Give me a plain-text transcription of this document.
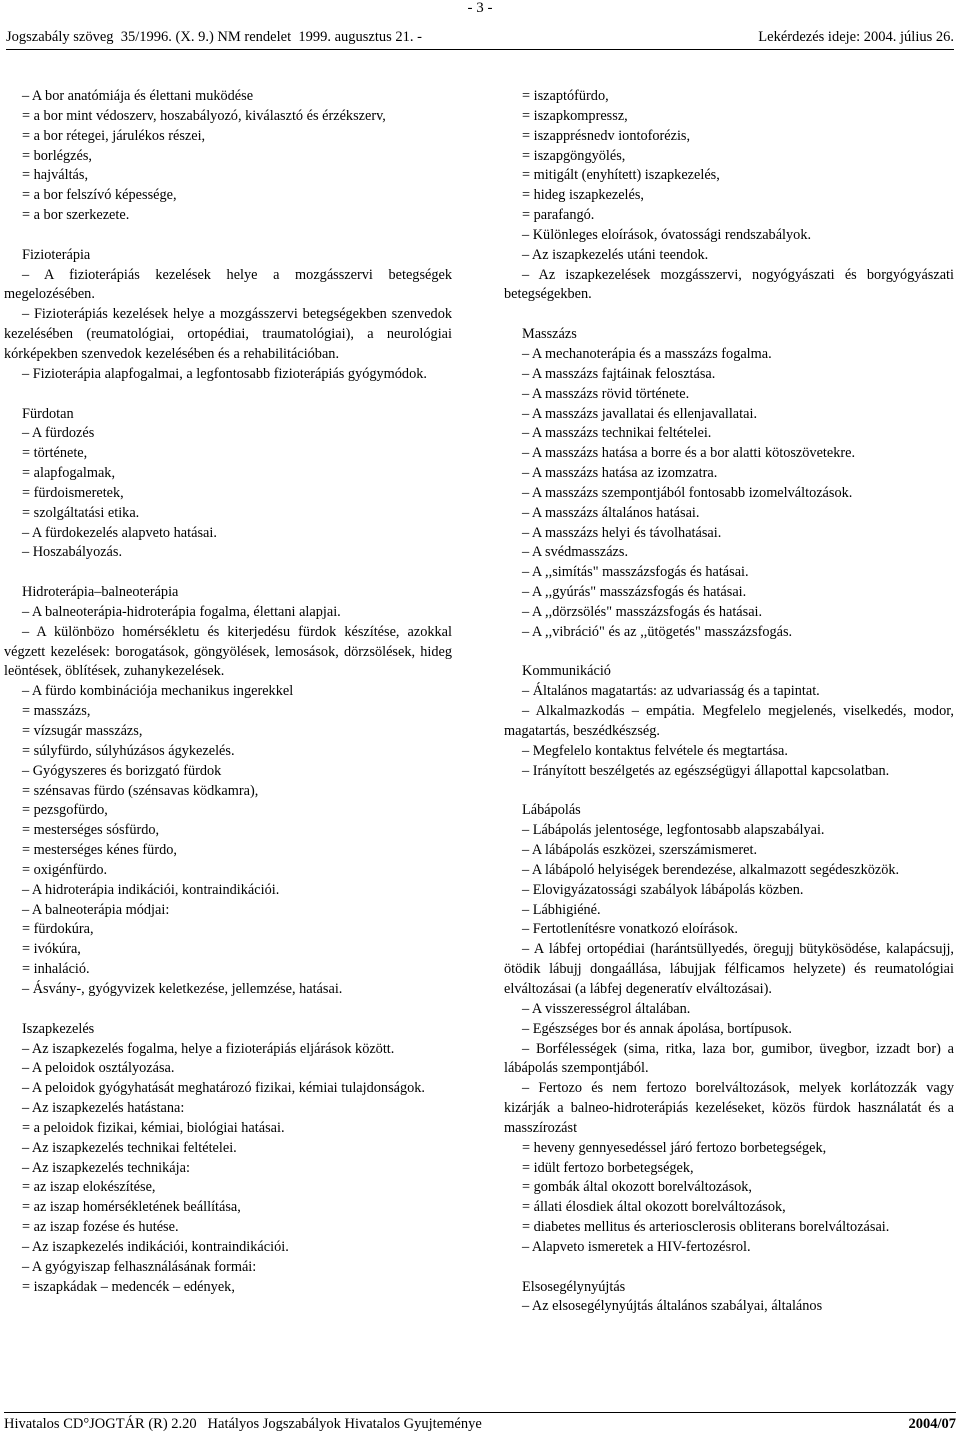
- 3 -
Jogszabály szöveg  35/1996. (X. 9.) NM rendelet  1999. augusztus 21. -	Lekérdezés ideje: 2004. július 26.

– A bor anatómiája és élettani muködése

= a bor mint védoszerv, hoszabályozó, kiválasztó és érzékszerv,

= a bor rétegei, járulékos részei,

= borlégzés,

= hajváltás,

= a bor felszívó képessége,

= a bor szerkezete.

Fizioterápia

– A fizioterápiás kezelések helye a mozgásszervi betegségek megelozésében.

– Fizioterápiás kezelések helye a mozgásszervi betegségekben szenvedok kezelésében (reumatológiai, ortopédiai, traumatológiai), a neurológiai kórképekben szenvedok kezelésében és a rehabilitációban.

– Fizioterápia alapfogalmai, a legfontosabb fizioterápiás gyógymódok.

Fürdotan

– A fürdozés

= története,

= alapfogalmak,

= fürdoismeretek,

= szolgáltatási etika.

– A fürdokezelés alapveto hatásai.

– Hoszabályozás.

Hidroterápia–balneoterápia

– A balneoterápia-hidroterápia fogalma, élettani alapjai.

– A különbözo homérsékletu és kiterjedésu fürdok készítése, azokkal végzett kezelések: borogatások, göngyölések, lemosások, dörzsölések, hideg leöntések, öblítések, zuhanykezelések.

– A fürdo kombinációja mechanikus ingerekkel

= masszázs,

= vízsugár masszázs,

= súlyfürdo, súlyhúzásos ágykezelés.

– Gyógyszeres és borizgató fürdok

= szénsavas fürdo (szénsavas ködkamra),

= pezsgofürdo,

= mesterséges sósfürdo,

= mesterséges kénes fürdo,

= oxigénfürdo.

– A hidroterápia indikációi, kontraindikációi.

– A balneoterápia módjai:

= fürdokúra,

= ivókúra,

= inhaláció.

– Ásvány-, gyógyvizek keletkezése, jellemzése, hatásai.

Iszapkezelés

– Az iszapkezelés fogalma, helye a fizioterápiás eljárások között.

– A peloidok osztályozása.

– A peloidok gyógyhatását meghatározó fizikai, kémiai tulajdonságok.

– Az iszapkezelés hatástana:

= a peloidok fizikai, kémiai, biológiai hatásai.

– Az iszapkezelés technikai feltételei.

– Az iszapkezelés technikája:

= az iszap elokészítése,

= az iszap homérsékletének beállítása,

= az iszap fozése és hutése.

– Az iszapkezelés indikációi, kontraindikációi.

– A gyógyiszap felhasználásának formái:

= iszapkádak – medencék – edények,

= iszaptófürdo,

= iszapkompressz,

= iszapprésnedv iontoforézis,

= iszapgöngyölés,

= mitigált (enyhített) iszapkezelés,

= hideg iszapkezelés,

= parafangó.

– Különleges eloírások, óvatossági rendszabályok.

– Az iszapkezelés utáni teendok.

– Az iszapkezelések mozgásszervi, nogyógyászati és borgyógyászati betegségekben.

Masszázs

– A mechanoterápia és a masszázs fogalma.

– A masszázs fajtáinak felosztása.

– A masszázs rövid története.

– A masszázs javallatai és ellenjavallatai.

– A masszázs technikai feltételei.

– A masszázs hatása a borre és a bor alatti kötoszövetekre.

– A masszázs hatása az izomzatra.

– A masszázs szempontjából fontosabb izomelváltozások.

– A masszázs általános hatásai.

– A masszázs helyi és távolhatásai.

– A svédmasszázs.

– A ,,simítás" masszázsfogás és hatásai.

– A ,,gyúrás" masszázsfogás és hatásai.

– A ,,dörzsölés" masszázsfogás és hatásai.

– A ,,vibráció" és az ,,ütögetés" masszázsfogás.

Kommunikáció

– Általános magatartás: az udvariasság és a tapintat.

– Alkalmazkodás – empátia. Megfelelo megjelenés, viselkedés, modor, magatartás, beszédkészség.

– Megfelelo kontaktus felvétele és megtartása.

– Irányított beszélgetés az egészségügyi állapottal kapcsolatban.

Lábápolás

– Lábápolás jelentosége, legfontosabb alapszabályai.

– A lábápolás eszközei, szerszámismeret.

– A lábápoló helyiségek berendezése, alkalmazott segédeszközök.

– Elovigyázatossági szabályok lábápolás közben.

– Lábhigiéné.

– Fertotlenítésre vonatkozó eloírások.

– A lábfej ortopédiai (harántsüllyedés, öregujj bütykösödése, kalapácsujj, ötödik lábujj dongaállása, lábujjak félficamos helyzete) és reumatológiai elváltozásai (a lábfej degeneratív elváltozásai).

– A visszerességrol általában.

– Egészséges bor és annak ápolása, bortípusok.

– Borfélességek (sima, ritka, laza bor, gumibor, üvegbor, izzadt bor) a lábápolás szempontjából.

– Fertozo és nem fertozo borelváltozások, melyek korlátozzák vagy kizárják a balneo-hidroterápiás kezeléseket, közös fürdok használatát és a masszírozást

= heveny gennyesedéssel járó fertozo borbetegségek,

= idült fertozo borbetegségek,

= gombák által okozott borelváltozások,

= állati élosdiek által okozott borelváltozások,

= diabetes mellitus és arteriosclerosis obliterans borelváltozásai.

– Alapveto ismeretek a HIV-fertozésrol.

Elsosegélynyújtás

– Az elsosegélynyújtás általános szabályai, általános

Hivatalos CD°JOGTÁR (R) 2.20   Hatályos Jogszabályok Hivatalos Gyujteménye	2004/07
